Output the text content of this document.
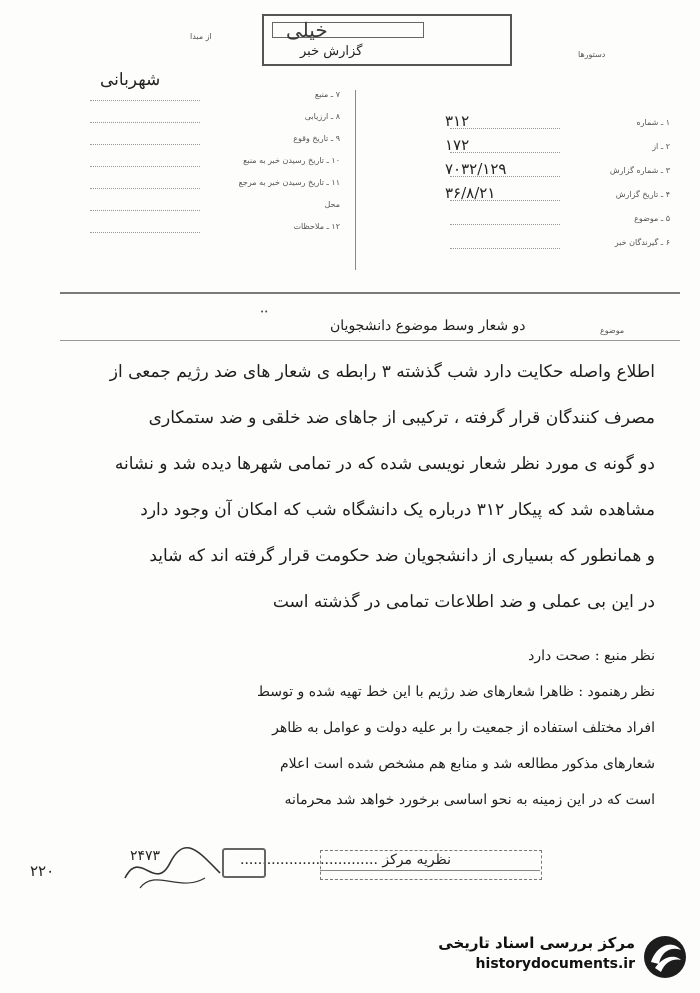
خیلی
گزارش خبر	دستورها
از مبدا
شهربانی
۱ ـ شماره
۳۱۲
۲ ـ از
۱۷۲
۳ ـ شماره گزارش
۷۰۳۲/۱۲۹
۴ ـ تاریخ گزارش
۳۶/۸/۲۱
۵ ـ موضوع
۶ ـ گیرندگان خبر
۷ ـ منبع
۸ ـ ارزیابی
۹ ـ تاریخ وقوع
۱۰ ـ تاریخ رسیدن خبر به منبع
۱۱ ـ تاریخ رسیدن خبر به مرجع
محل
۱۲ ـ ملاحظات
••
موضوع
دو شعار وسط موضوع دانشجویان
اطلاع واصله حکایت دارد شب گذشته ۳ رابطه ی شعار های ضد رژیم جمعی از
مصرف کنندگان قرار گرفته ، ترکیبی از جاهای ضد خلقی و ضد ستمکاری
دو گونه ی مورد نظر شعار نویسی شده که در تمامی شهرها دیده شد و نشانه
مشاهده شد که پیکار ۳۱۲ درباره یک دانشگاه شب که امکان آن وجود دارد
و همانطور که بسیاری از دانشجویان ضد حکومت قرار گرفته اند که شاید
در این بی عملی و ضد اطلاعات تمامی در گذشته است
نظر منبع : صحت دارد
نظر رهنمود : ظاهرا شعارهای ضد رژیم با این خط تهیه شده و توسط
افراد مختلف استفاده از جمعیت را بر علیه دولت و عوامل به ظاهر
شعارهای مذکور مطالعه شد و منابع هم مشخص شده است اعلام
است که در این زمینه به نحو اساسی برخورد خواهد شد محرمانه
نظریه مرکز ...............................
۲۲۰
۲۴۷۳
مرکز بررسی اسناد تاریخی
historydocuments.ir
